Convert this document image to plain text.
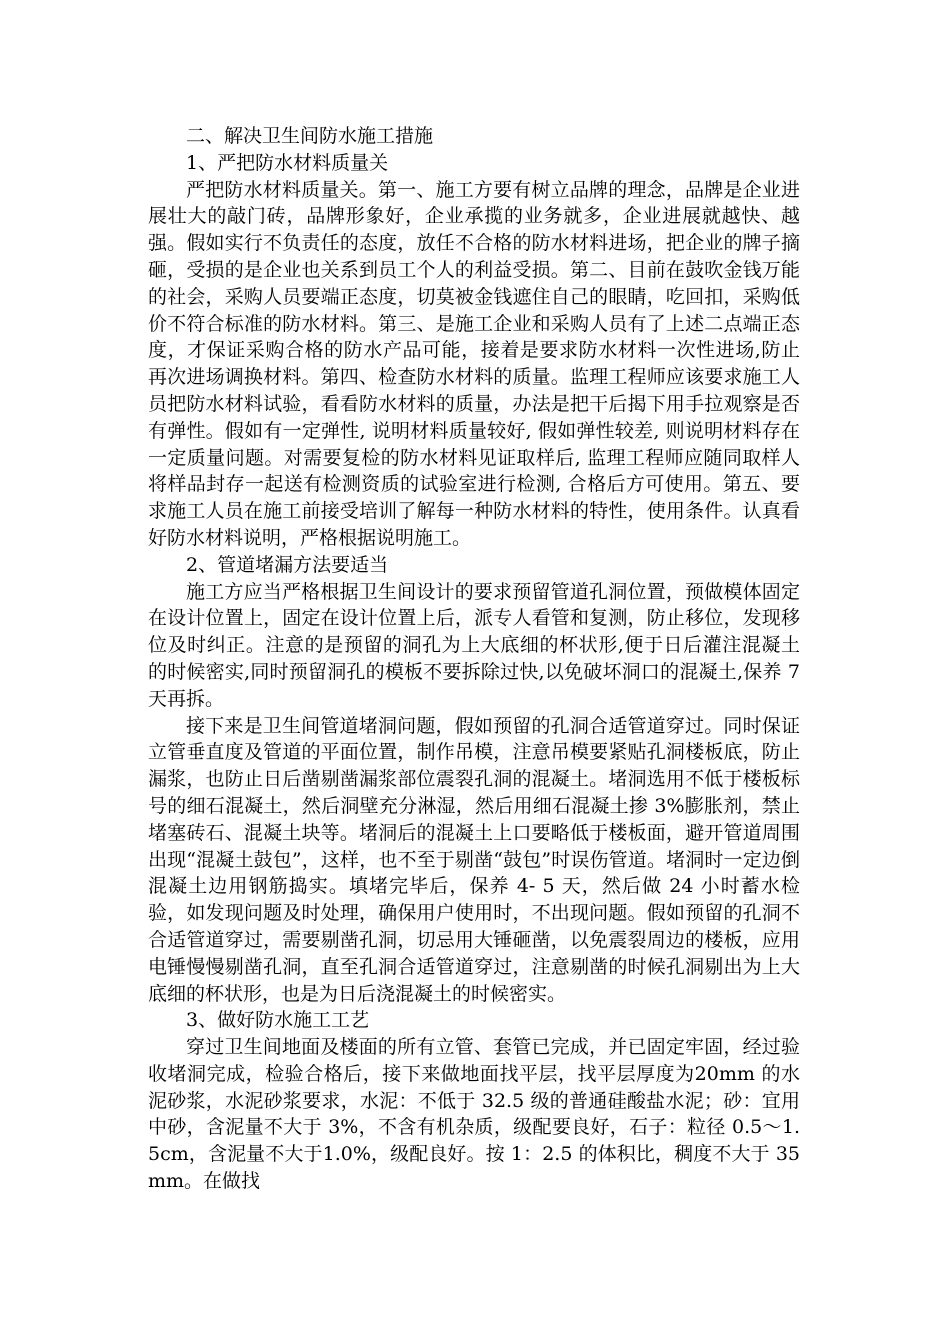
二、解决卫生间防水施工措施

1、严把防水材料质量关

严把防水材料质量关。第一、施工方要有树立品牌的理念，品牌是企业进展壮大的敲门砖，品牌形象好，企业承揽的业务就多，企业进展就越快、越强。假如实行不负责任的态度，放任不合格的防水材料进场，把企业的牌子摘砸，受损的是企业也关系到员工个人的利益受损。第二、目前在鼓吹金钱万能的社会，采购人员要端正态度，切莫被金钱遮住自己的眼睛，吃回扣，采购低价不符合标准的防水材料。第三、是施工企业和采购人员有了上述二点端正态度，才保证采购合格的防水产品可能，接着是要求防水材料一次性进场,防止再次进场调换材料。第四、检查防水材料的质量。监理工程师应该要求施工人员把防水材料试验，看看防水材料的质量，办法是把干后揭下用手拉观察是否有弹性。假如有一定弹性, 说明材料质量较好, 假如弹性较差, 则说明材料存在一定质量问题。对需要复检的防水材料见证取样后, 监理工程师应随同取样人将样品封存一起送有检测资质的试验室进行检测, 合格后方可使用。第五、要求施工人员在施工前接受培训了解每一种防水材料的特性，使用条件。认真看好防水材料说明，严格根据说明施工。

2、管道堵漏方法要适当

施工方应当严格根据卫生间设计的要求预留管道孔洞位置，预做模体固定在设计位置上，固定在设计位置上后，派专人看管和复测，防止移位，发现移位及时纠正。注意的是预留的洞孔为上大底细的杯状形,便于日后灌注混凝土的时候密实,同时预留洞孔的模板不要拆除过快,以免破坏洞口的混凝土,保养 7 天再拆。

接下来是卫生间管道堵洞问题，假如预留的孔洞合适管道穿过。同时保证立管垂直度及管道的平面位置，制作吊模，注意吊模要紧贴孔洞楼板底，防止漏浆，也防止日后凿剔凿漏浆部位震裂孔洞的混凝土。堵洞选用不低于楼板标号的细石混凝土，然后洞壁充分淋湿，然后用细石混凝土掺 3%膨胀剂，禁止堵塞砖石、混凝土块等。堵洞后的混凝土上口要略低于楼板面，避开管道周围出现“混凝土鼓包”，这样，也不至于剔凿“鼓包”时误伤管道。堵洞时一定边倒混凝土边用钢筋捣实。填堵完毕后，保养 4- 5 天，然后做 24 小时蓄水检验，如发现问题及时处理，确保用户使用时，不出现问题。假如预留的孔洞不合适管道穿过，需要剔凿孔洞，切忌用大锤砸凿，以免震裂周边的楼板，应用电锤慢慢剔凿孔洞，直至孔洞合适管道穿过，注意剔凿的时候孔洞剔出为上大底细的杯状形，也是为日后浇混凝土的时候密实。

3、做好防水施工工艺

穿过卫生间地面及楼面的所有立管、套管已完成，并已固定牢固，经过验收堵洞完成，检验合格后，接下来做地面找平层，找平层厚度为20mm 的水泥砂浆，水泥砂浆要求，水泥：不低于 32.5 级的普通硅酸盐水泥；砂：宜用中砂，含泥量不大于 3%，不含有机杂质，级配要良好，石子：粒径 0.5～1.5cm，含泥量不大于1.0%，级配良好。按 1：2.5 的体积比，稠度不大于 35mm。在做找
